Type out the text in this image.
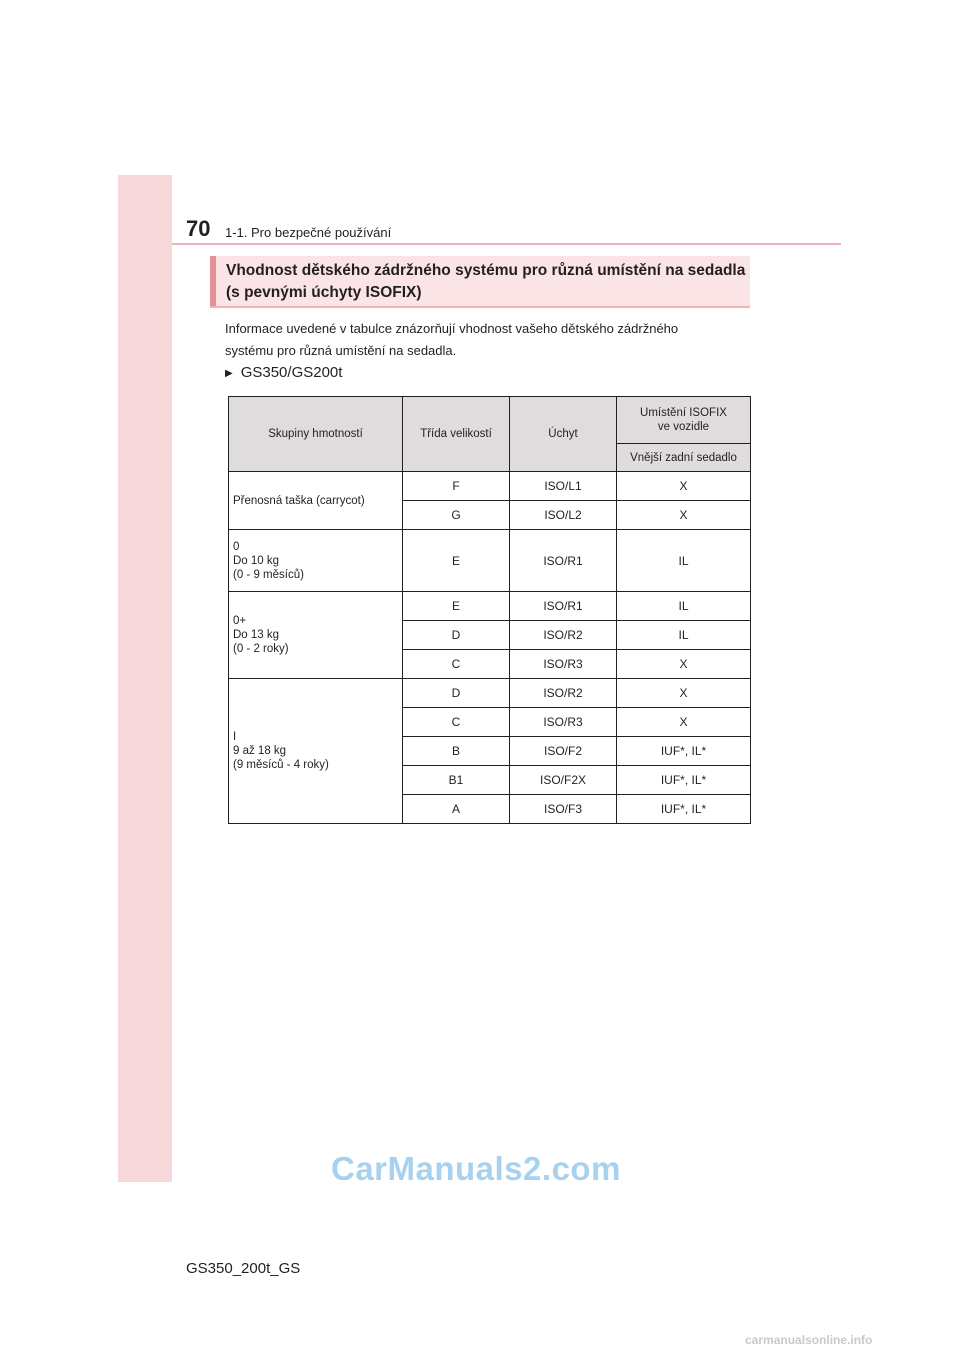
70 1-1. Pro bezpečné používání
Vhodnost dětského zádržného systému pro různá umístění na sedadla
(s pevnými úchyty ISOFIX)
Informace uvedené v tabulce znázorňují vhodnost vašeho dětského zádržného
systému pro různá umístění na sedadla.
▶ GS350/GS200t
Skupiny hmotností	Třída velikostí	Úchyt	Umístění ISOFIX
ve vozidle
			Vnější zadní sedadlo

Přenosná taška (carrycot)	F	ISO/L1	X
	G	ISO/L2	X

0
Do 10 kg
(0 - 9 měsíců)	E	ISO/R1	IL

0+
Do 13 kg
(0 - 2 roky)	E	ISO/R1	IL
	D	ISO/R2	IL
	C	ISO/R3	X

I
9 až 18 kg
(9 měsíců - 4 roky)	D	ISO/R2	X
	C	ISO/R3	X
	B	ISO/F2	IUF*, IL*
	B1	ISO/F2X	IUF*, IL*
	A	ISO/F3	IUF*, IL*
CarManuals2.com
GS350_200t_GS
carmanualsonline.info
